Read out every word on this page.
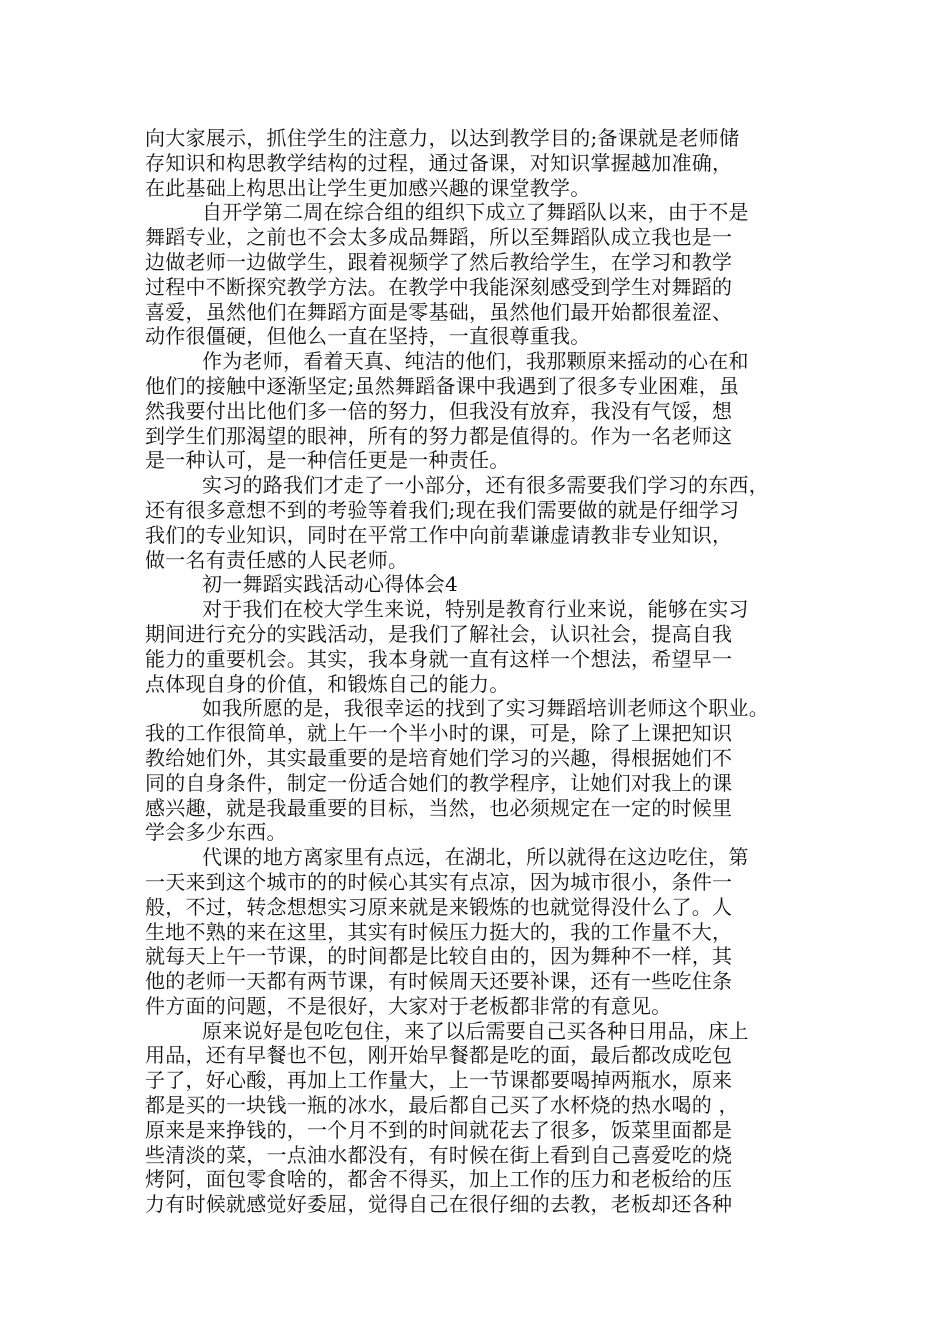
向大家展示，抓住学生的注意力，以达到教学目的;备课就是老师储
存知识和构思教学结构的过程，通过备课，对知识掌握越加准确，
在此基础上构思出让学生更加感兴趣的课堂教学。
自开学第二周在综合组的组织下成立了舞蹈队以来，由于不是
舞蹈专业，之前也不会太多成品舞蹈，所以至舞蹈队成立我也是一
边做老师一边做学生，跟着视频学了然后教给学生，在学习和教学
过程中不断探究教学方法。在教学中我能深刻感受到学生对舞蹈的
喜爱，虽然他们在舞蹈方面是零基础，虽然他们最开始都很羞涩、
动作很僵硬，但他么一直在坚持，一直很尊重我。
作为老师，看着天真、纯洁的他们，我那颗原来摇动的心在和
他们的接触中逐渐坚定;虽然舞蹈备课中我遇到了很多专业困难，虽
然我要付出比他们多一倍的努力，但我没有放弃，我没有气馁，想
到学生们那渴望的眼神，所有的努力都是值得的。作为一名老师这
是一种认可，是一种信任更是一种责任。
实习的路我们才走了一小部分，还有很多需要我们学习的东西，
还有很多意想不到的考验等着我们;现在我们需要做的就是仔细学习
我们的专业知识，同时在平常工作中向前辈谦虚请教非专业知识，
做一名有责任感的人民老师。
初一舞蹈实践活动心得体会4
对于我们在校大学生来说，特别是教育行业来说，能够在实习
期间进行充分的实践活动，是我们了解社会，认识社会，提高自我
能力的重要机会。其实，我本身就一直有这样一个想法，希望早一
点体现自身的价值，和锻炼自己的能力。
如我所愿的是，我很幸运的找到了实习舞蹈培训老师这个职业。
我的工作很简单，就上午一个半小时的课，可是，除了上课把知识
教给她们外，其实最重要的是培育她们学习的兴趣，得根据她们不
同的自身条件，制定一份适合她们的教学程序，让她们对我上的课
感兴趣，就是我最重要的目标，当然，也必须规定在一定的时候里
学会多少东西。
代课的地方离家里有点远，在湖北，所以就得在这边吃住，第
一天来到这个城市的的时候心其实有点凉，因为城市很小，条件一
般，不过，转念想想实习原来就是来锻炼的也就觉得没什么了。人
生地不熟的来在这里，其实有时候压力挺大的，我的工作量不大，
就每天上午一节课，的时间都是比较自由的，因为舞种不一样，其
他的老师一天都有两节课，有时候周天还要补课，还有一些吃住条
件方面的问题，不是很好，大家对于老板都非常的有意见。
原来说好是包吃包住，来了以后需要自己买各种日用品，床上
用品，还有早餐也不包，刚开始早餐都是吃的面，最后都改成吃包
子了，好心酸，再加上工作量大，上一节课都要喝掉两瓶水，原来
都是买的一块钱一瓶的冰水，最后都自己买了水杯烧的热水喝的 ，
原来是来挣钱的，一个月不到的时间就花去了很多，饭菜里面都是
些清淡的菜，一点油水都没有，有时候在街上看到自己喜爱吃的烧
烤阿，面包零食啥的，都舍不得买，加上工作的压力和老板给的压
力有时候就感觉好委屈，觉得自己在很仔细的去教，老板却还各种
